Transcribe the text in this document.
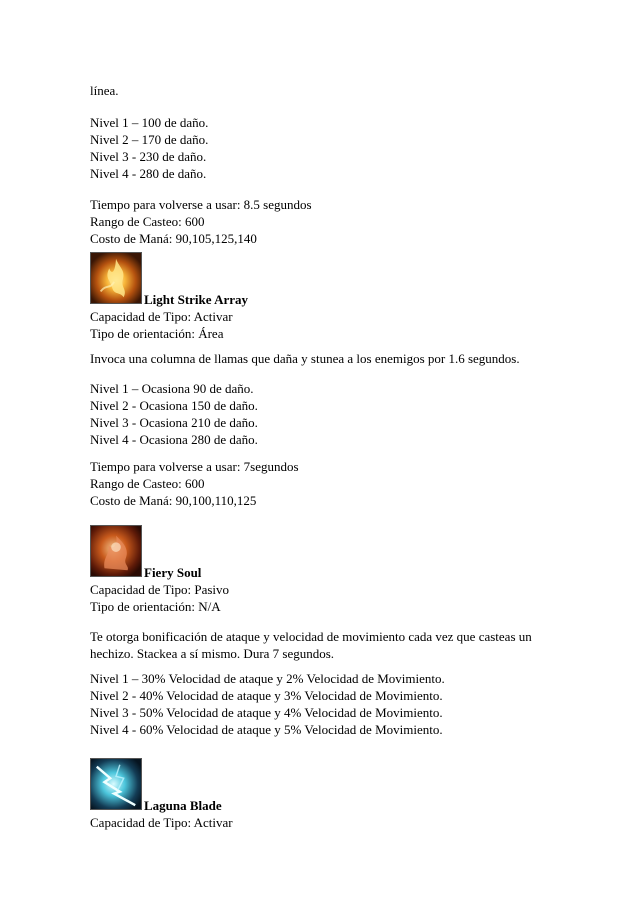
línea.
Nivel 1 – 100 de daño.
Nivel 2 – 170 de daño.
Nivel 3 - 230 de daño.
Nivel 4 - 280 de daño.
Tiempo para volverse a usar: 8.5 segundos
Rango de Casteo: 600
Costo de Maná: 90,105,125,140
Light Strike Array
Capacidad de Tipo: Activar
Tipo de orientación: Área
Invoca una columna de llamas que daña y stunea a los enemigos por 1.6 segundos.
Nivel 1 – Ocasiona 90 de daño.
Nivel 2 - Ocasiona 150 de daño.
Nivel 3 - Ocasiona 210 de daño.
Nivel 4 - Ocasiona 280 de daño.
Tiempo para volverse a usar: 7segundos
Rango de Casteo: 600
Costo de Maná: 90,100,110,125
Fiery Soul
Capacidad de Tipo: Pasivo
Tipo de orientación: N/A
Te otorga bonificación de ataque y velocidad de movimiento cada vez que casteas un
hechizo. Stackea a sí mismo. Dura 7 segundos.
Nivel 1 – 30% Velocidad de ataque y 2% Velocidad de Movimiento.
Nivel 2 - 40% Velocidad de ataque y 3% Velocidad de Movimiento.
Nivel 3 - 50% Velocidad de ataque y 4% Velocidad de Movimiento.
Nivel 4 - 60% Velocidad de ataque y 5% Velocidad de Movimiento.
Laguna Blade
Capacidad de Tipo: Activar
